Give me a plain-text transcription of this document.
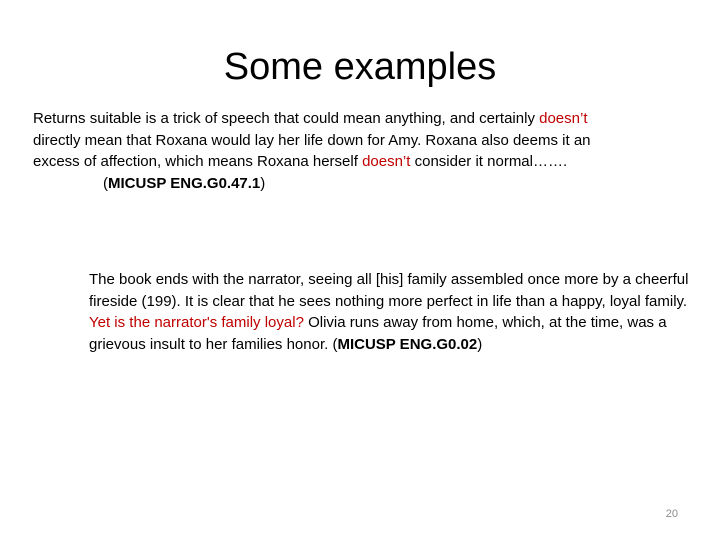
Some examples

Returns suitable is a trick of speech that could mean anything, and certainly doesn’t directly mean that Roxana would lay her life down for Amy. Roxana also deems it an excess of affection, which means Roxana herself doesn’t consider it normal…….(MICUSP ENG.G0.47.1)

The book ends with the narrator, seeing all [his] family assembled once more by a cheerful fireside (199). It is clear that he sees nothing more perfect in life than a happy, loyal family. Yet is the narrator's family loyal? Olivia runs away from home, which, at the time, was a grievous insult to her families honor. (MICUSP ENG.G0.02)

20
